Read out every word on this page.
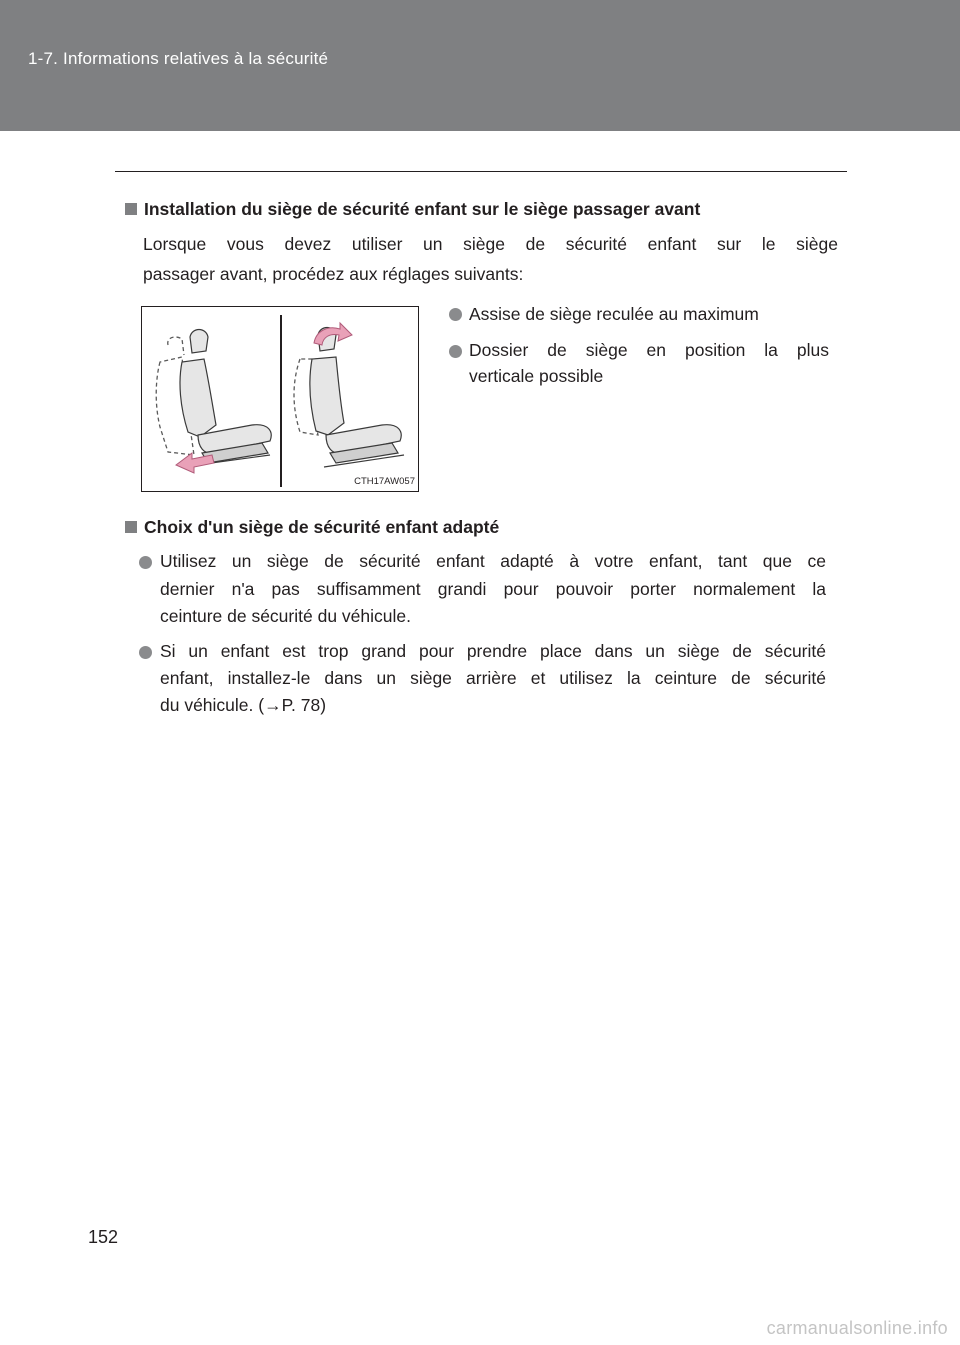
1-7. Informations relatives à la sécurité
Installation du siège de sécurité enfant sur le siège passager avant
Lorsque vous devez utiliser un siège de sécurité enfant sur le siège
passager avant, procédez aux réglages suivants:
CTH17AW057
Assise de siège reculée au maximum
Dossier de siège en position la plus
verticale possible
Choix d'un siège de sécurité enfant adapté
Utilisez un siège de sécurité enfant adapté à votre enfant, tant que ce
dernier n'a pas suffisamment grandi pour pouvoir porter normalement la
ceinture de sécurité du véhicule.
Si un enfant est trop grand pour prendre place dans un siège de sécurité
enfant, installez-le dans un siège arrière et utilisez la ceinture de sécurité
du véhicule. (→P. 78)
152
carmanualsonline.info
